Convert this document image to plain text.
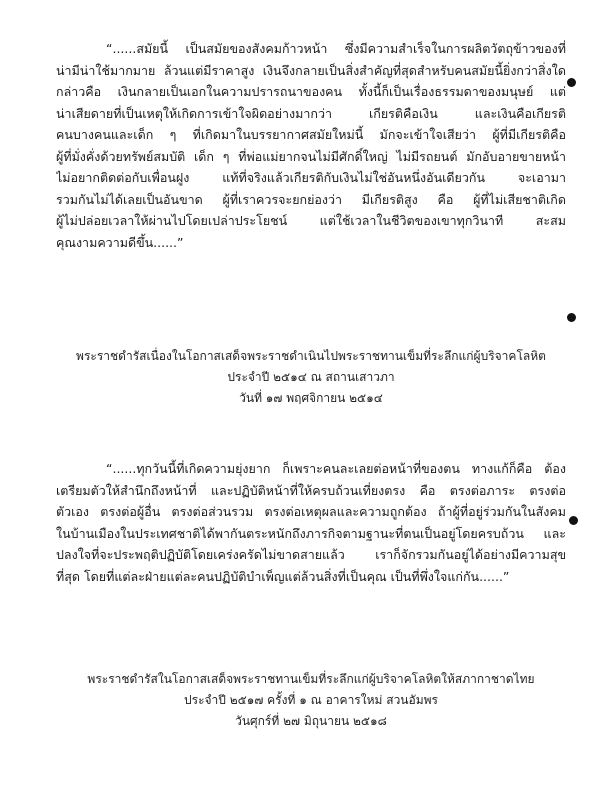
“......สมัยนี้ เป็นสมัยของสังคมก้าวหน้า ซึ่งมีความสำเร็จในการผลิตวัตถุข้าวของที่
น่ามีน่าใช้มากมาย ล้วนแต่มีราคาสูง เงินจึงกลายเป็นสิ่งสำคัญที่สุดสำหรับคนสมัยนี้ยิ่งกว่าสิ่งใด
กล่าวคือ เงินกลายเป็นเอกในความปรารถนาของคน ทั้งนี้ก็เป็นเรื่องธรรมดาของมนุษย์ แต่
น่าเสียดายที่เป็นเหตุให้เกิดการเข้าใจผิดอย่างมากว่า เกียรติคือเงิน และเงินคือเกียรติ
คนบางคนและเด็ก ๆ ที่เกิดมาในบรรยากาศสมัยใหม่นี้ มักจะเข้าใจเสียว่า ผู้ที่มีเกียรติคือ
ผู้ที่มั่งคั่งด้วยทรัพย์สมบัติ เด็ก ๆ ที่พ่อแม่ยากจนไม่มีศักดิ์ใหญ่ ไม่มีรถยนต์ มักอับอายขายหน้า
ไม่อยากติดต่อกับเพื่อนฝูง แท้ที่จริงแล้วเกียรติกับเงินไม่ใช่อันหนึ่งอันเดียวกัน จะเอามา
รวมกันไม่ได้เลยเป็นอันขาด ผู้ที่เราควรจะยกย่องว่า มีเกียรติสูง คือ ผู้ที่ไม่เสียชาติเกิด
ผู้ไม่ปล่อยเวลาให้ผ่านไปโดยเปล่าประโยชน์ แต่ใช้เวลาในชีวิตของเขาทุกวินาที สะสม
คุณงามความดีขึ้น......”
พระราชดำรัสเนื่องในโอกาสเสด็จพระราชดำเนินไปพระราชทานเข็มที่ระลึกแก่ผู้บริจาคโลหิต
ประจำปี ๒๕๑๔ ณ สถานเสาวภา
วันที่ ๑๗ พฤศจิกายน ๒๕๑๔
“......ทุกวันนี้ที่เกิดความยุ่งยาก ก็เพราะคนละเลยต่อหน้าที่ของตน ทางแก้ก็คือ ต้อง
เตรียมตัวให้สำนึกถึงหน้าที่ และปฏิบัติหน้าที่ให้ครบถ้วนเที่ยงตรง คือ ตรงต่อภาระ ตรงต่อ
ตัวเอง ตรงต่อผู้อื่น ตรงต่อส่วนรวม ตรงต่อเหตุผลและความถูกต้อง ถ้าผู้ที่อยู่ร่วมกันในสังคม
ในบ้านเมืองในประเทศชาติได้พากันตระหนักถึงภารกิจตามฐานะที่ตนเป็นอยู่โดยครบถ้วน และ
ปลงใจที่จะประพฤติปฏิบัติโดยเคร่งครัดไม่ขาดสายแล้ว เราก็จักรวมกันอยู่ได้อย่างมีความสุข
ที่สุด โดยที่แต่ละฝ่ายแต่ละคนปฏิบัติบำเพ็ญแต่ล้วนสิ่งที่เป็นคุณ เป็นที่พึ่งใจแก่กัน......”
พระราชดำรัสในโอกาสเสด็จพระราชทานเข็มที่ระลึกแก่ผู้บริจาคโลหิตให้สภากาชาดไทย
ประจำปี ๒๕๑๗ ครั้งที่ ๑ ณ อาคารใหม่ สวนอัมพร
วันศุกร์ที่ ๒๗ มิถุนายน ๒๕๑๘
